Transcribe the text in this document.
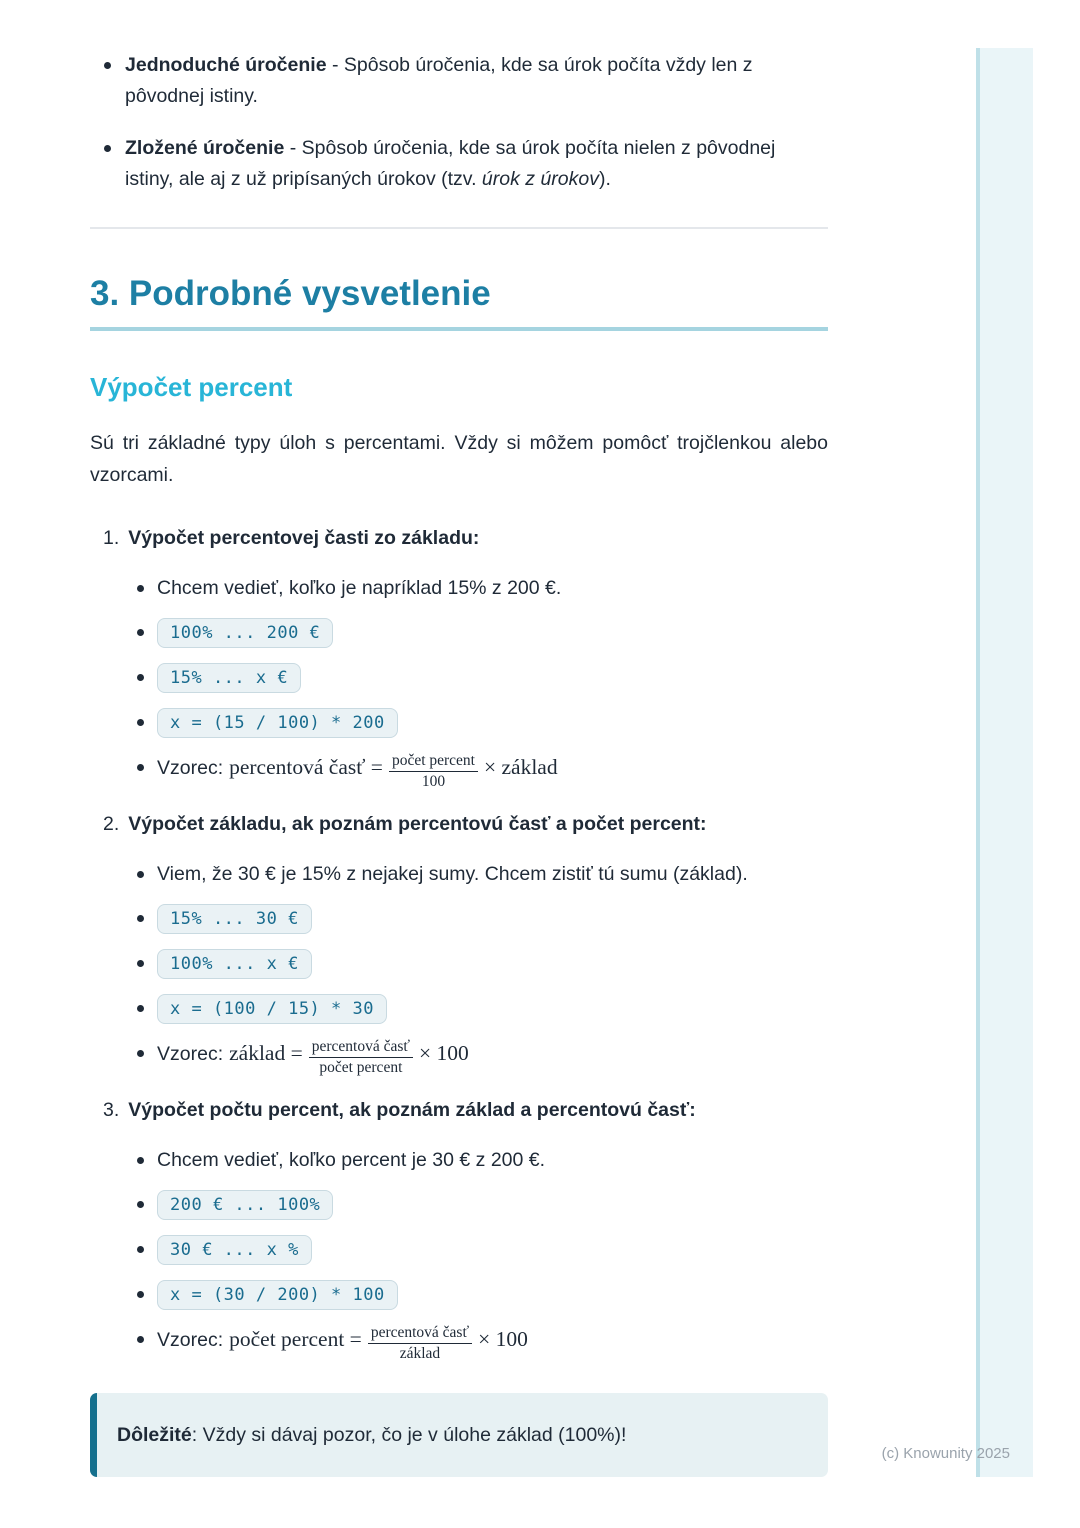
Jednoduché úročenie - Spôsob úročenia, kde sa úrok počíta vždy len z pôvodnej istiny.
Zložené úročenie - Spôsob úročenia, kde sa úrok počíta nielen z pôvodnej istiny, ale aj z už pripísaných úrokov (tzv. úrok z úrokov).
3. Podrobné vysvetlenie
Výpočet percent

Sú tri základné typy úloh s percentami. Vždy si môžem pomôcť trojčlenkou alebo vzorcami.

1. Výpočet percentovej časti zo základu:
Chcem vedieť, koľko je napríklad 15% z 200 €.
100% ... 200 €
15% ... x €
x = (15 / 100) * 200
Vzorec: percentová časť = $\frac{\text{počet percent}}{100}$ × základ
2. Výpočet základu, ak poznám percentovú časť a počet percent:
Viem, že 30 € je 15% z nejakej sumy. Chcem zistiť tú sumu (základ).
15% ... 30 €
100% ... x €
x = (100 / 15) * 30
Vzorec: základ = $\frac{\text{percentová časť}}{\text{počet percent}} \times 100$
3. Výpočet počtu percent, ak poznám základ a percentovú časť:
Chcem vedieť, koľko percent je 30 € z 200 €.
200 € ... 100%
30 € ... x %
x = (30 / 200) * 100
Vzorec: počet percent = $\frac{\text{percentová časť}}{\text{základ}} \times 100$
Dôležité: Vždy si dávaj pozor, čo je v úlohe základ (100%)!
(c) Knowunity 2025
